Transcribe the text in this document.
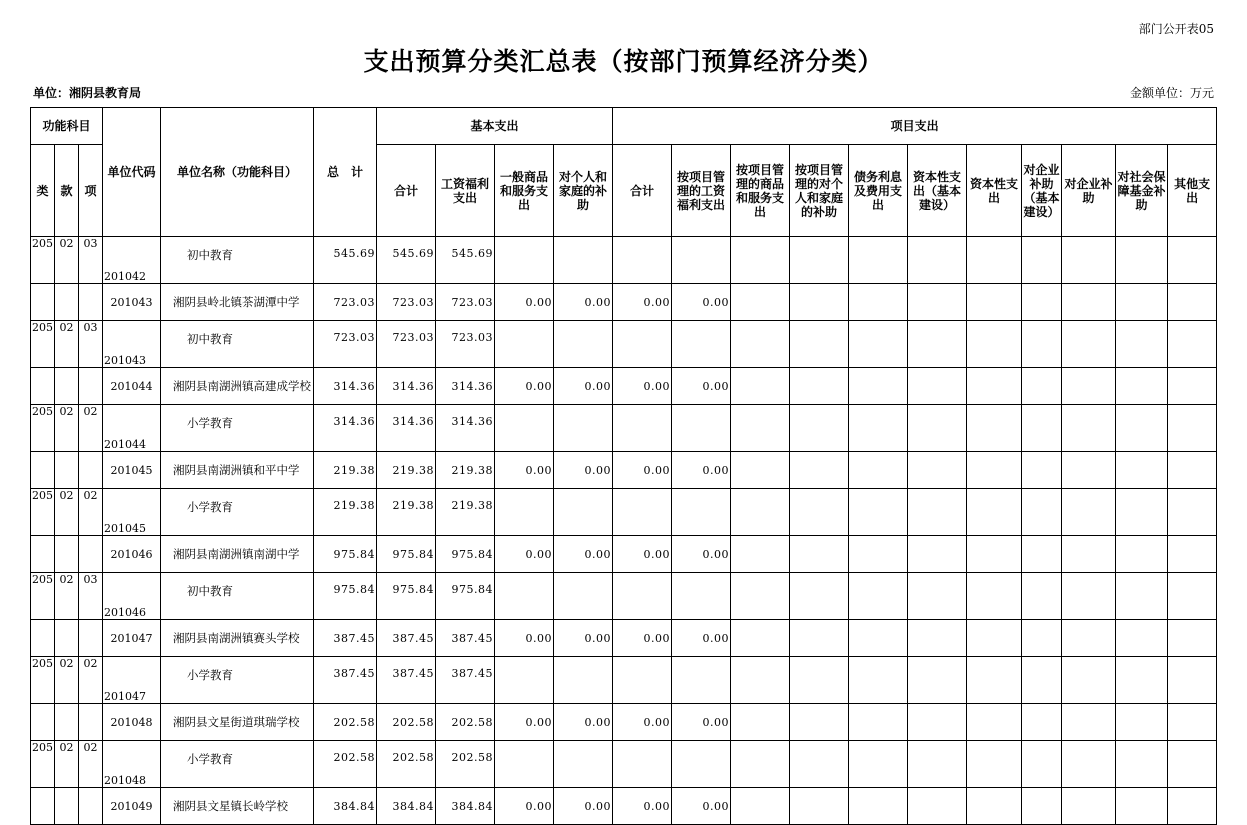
部门公开表05
支出预算分类汇总表（按部门预算经济分类）
单位：湘阴县教育局	金额单位：万元
功能科目			单位代码	单位名称（功能科目）	总　计	基本支出				项目支出										
类	款	项				合计	工资福利支出	一般商品和服务支出	对个人和家庭的补助	合计	按项目管理的工资福利支出	按项目管理的商品和服务支出	按项目管理的对个人和家庭的补助	债务利息及费用支出	资本性支出（基本建设）	资本性支出	对企业补助（基本建设）	对企业补助	对社会保障基金补助	其他支出
205	02	03	201042	初中教育	545.69	545.69	545.69													
			201043	湘阴县岭北镇茶湖潭中学	723.03	723.03	723.03	0.00	0.00	0.00	0.00									
205	02	03	201043	初中教育	723.03	723.03	723.03													
			201044	湘阴县南湖洲镇高建成学校	314.36	314.36	314.36	0.00	0.00	0.00	0.00									
205	02	02	201044	小学教育	314.36	314.36	314.36													
			201045	湘阴县南湖洲镇和平中学	219.38	219.38	219.38	0.00	0.00	0.00	0.00									
205	02	02	201045	小学教育	219.38	219.38	219.38													
			201046	湘阴县南湖洲镇南湖中学	975.84	975.84	975.84	0.00	0.00	0.00	0.00									
205	02	03	201046	初中教育	975.84	975.84	975.84													
			201047	湘阴县南湖洲镇赛头学校	387.45	387.45	387.45	0.00	0.00	0.00	0.00									
205	02	02	201047	小学教育	387.45	387.45	387.45													
			201048	湘阴县文星街道琪瑞学校	202.58	202.58	202.58	0.00	0.00	0.00	0.00									
205	02	02	201048	小学教育	202.58	202.58	202.58													
			201049	湘阴县文星镇长岭学校	384.84	384.84	384.84	0.00	0.00	0.00	0.00									
